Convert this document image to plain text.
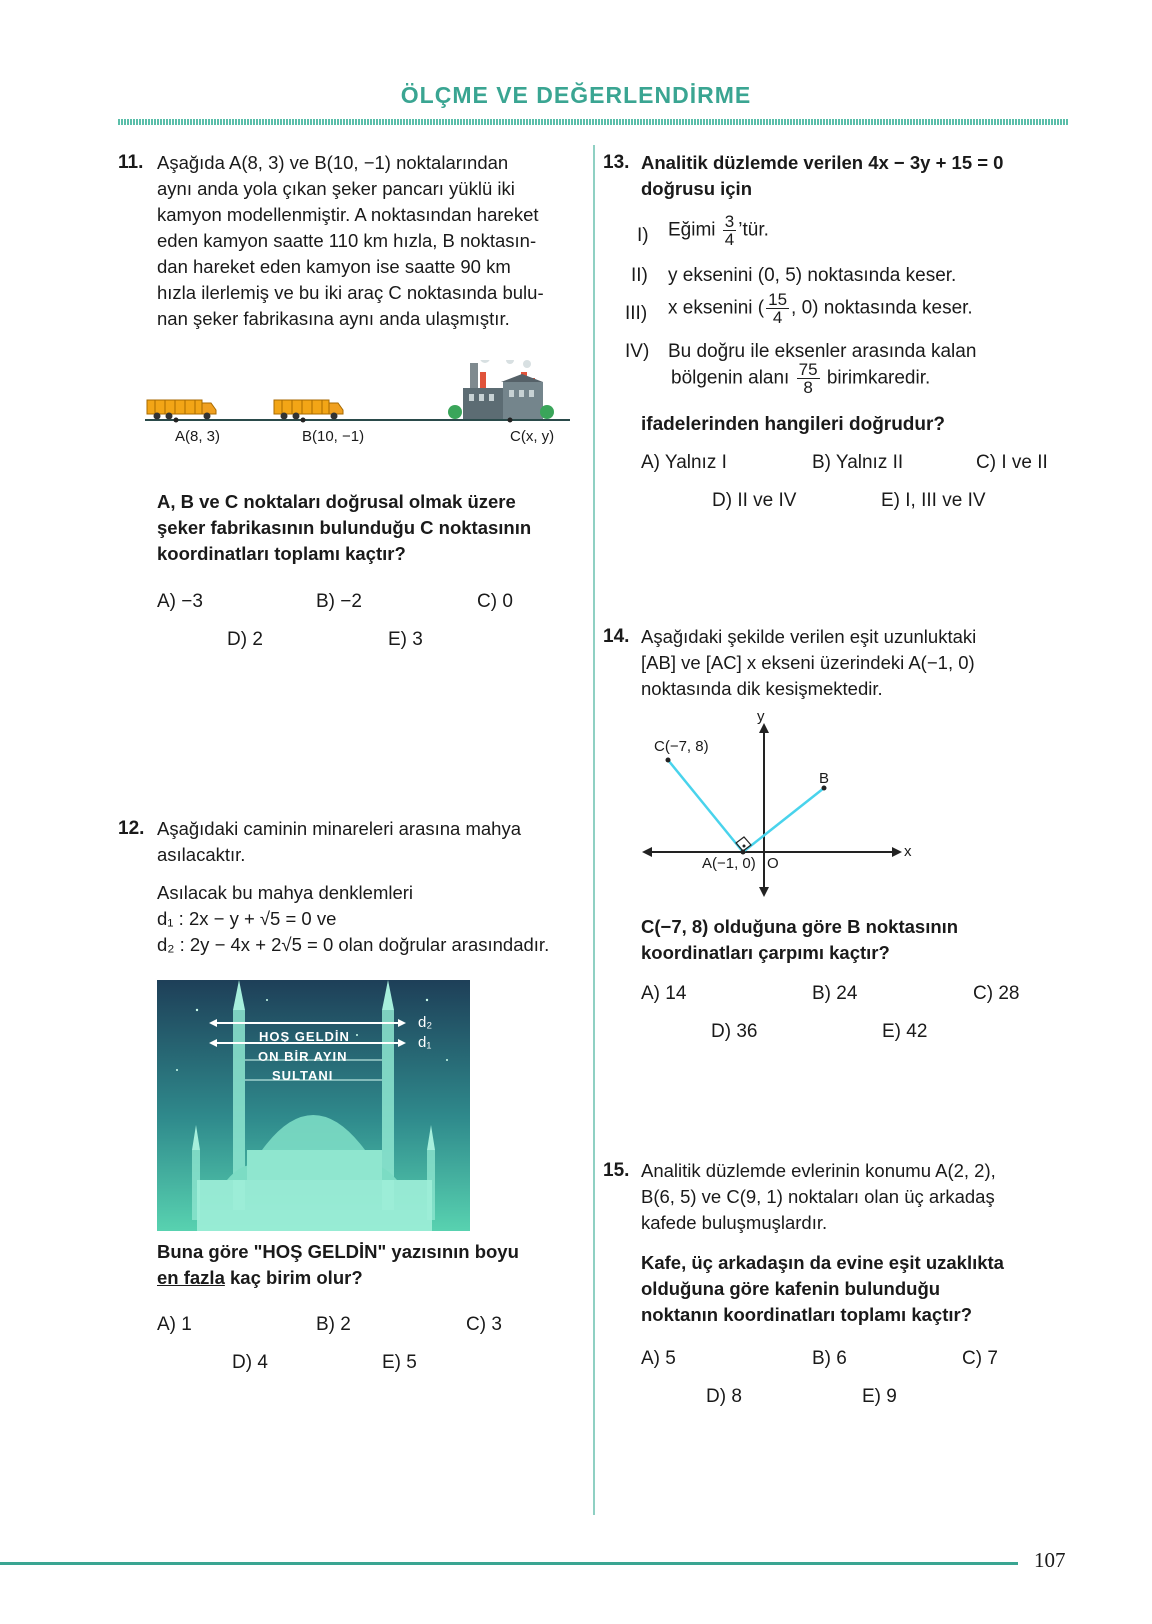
ÖLÇME VE DEĞERLENDİRME
11. Aşağıda A(8, 3) ve B(10, −1) noktalarından
aynı anda yola çıkan şeker pancarı yüklü iki
kamyon modellenmiştir. A noktasından hareket
eden kamyon saatte 110 km hızla, B noktasın-
dan hareket eden kamyon ise saatte 90 km
hızla ilerlemiş ve bu iki araç C noktasında bulu-
nan şeker fabrikasına aynı anda ulaşmıştır.
A(8, 3)	B(10, −1)	C(x, y)
A, B ve C noktaları doğrusal olmak üzere
şeker fabrikasının bulunduğu C noktasının
koordinatları toplamı kaçtır?
A) −3	B) −2	C) 0
D) 2	E) 3
12. Aşağıdaki caminin minareleri arasına mahya
asılacaktır.
Asılacak bu mahya denklemleri
d₁ : 2x − y + √5 = 0 ve
d₂ : 2y − 4x + 2√5 = 0 olan doğrular arasındadır.
HOŞ GELDİN
ON BİR AYIN
SULTANI
d₂
d₁
Buna göre "HOŞ GELDİN" yazısının boyu
en fazla kaç birim olur?
A) 1	B) 2	C) 3
D) 4	E) 5
13. Analitik düzlemde verilen 4x − 3y + 15 = 0
doğrusu için
I) Eğimi $\frac{3}{4}$ ’tür.
II) y eksenini (0, 5) noktasında keser.
III) x eksenini ( $\frac{15}{4}$ , 0) noktasında keser.
IV) Bu doğru ile eksenler arasında kalan
bölgenin alanı $\frac{75}{8}$ birimkaredir.
ifadelerinden hangileri doğrudur?
A) Yalnız I	B) Yalnız II	C) I ve II
D) II ve IV	E) I, III ve IV
14. Aşağıdaki şekilde verilen eşit uzunluktaki
[AB] ve [AC] x ekseni üzerindeki A(−1, 0)
noktasında dik kesişmektedir.
y
x
C(−7, 8)
B
A(−1, 0) O
C(−7, 8) olduğuna göre B noktasının
koordinatları çarpımı kaçtır?
A) 14	B) 24	C) 28
D) 36	E) 42
15. Analitik düzlemde evlerinin konumu A(2, 2),
B(6, 5) ve C(9, 1) noktaları olan üç arkadaş
kafede buluşmuşlardır.
Kafe, üç arkadaşın da evine eşit uzaklıkta
olduğuna göre kafenin bulunduğu
noktanın koordinatları toplamı kaçtır?
A) 5	B) 6	C) 7
D) 8	E) 9
107
